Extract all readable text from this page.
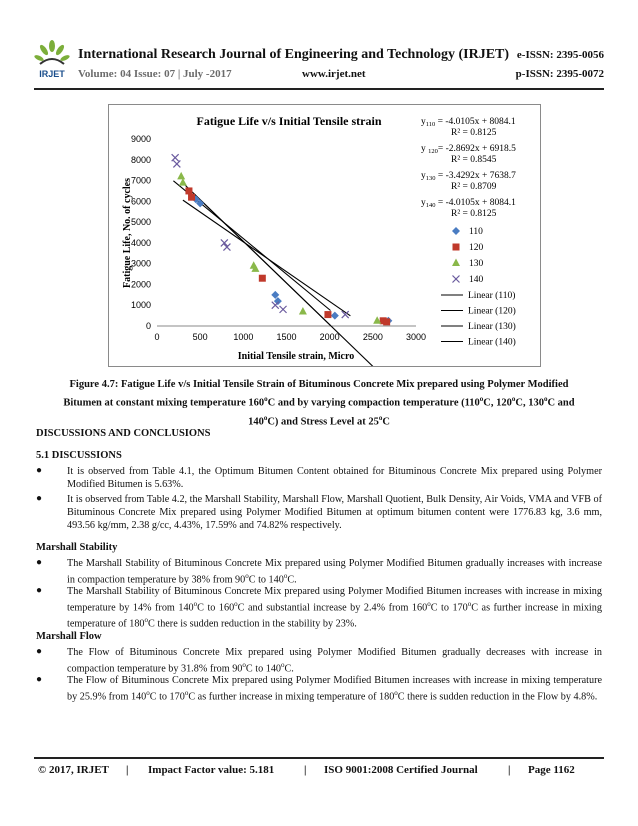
IRJET
International Research Journal of Engineering and Technology (IRJET) e-ISSN: 2395-0056
Volume: 04 Issue: 07 | July -2017	www.irjet.net	p-ISSN: 2395-0072
Fatigue Life v/s Initial Tensile strain
Initial Tensile strain, Micro
Fatigue Life, No. of cycles
0	500	1000	1500	2000	2500	3000
0
1000
2000
3000
4000
5000
6000
7000
8000
9000
$y_{110} = -4.0105x + 8084.1$
R² = 0.8125
y $_{120}$= -2.8692x + 6918.5
R² = 0.8545
$y_{130} = -3.4292x + 7638.7$
R² = 0.8709
$y_{140} = -4.0105x + 8084.1$
R² = 0.8125
110
120
130
140
Linear (110)
Linear (120)
Linear (130)
Linear (140)
Figure 4.7: Fatigue Life v/s Initial Tensile Strain of Bituminous Concrete Mix prepared using Polymer Modified
Bitumen at constant mixing temperature 160$^o$C and by varying compaction temperature (110$^o$C, 120$^o$C, 130$^o$C and
140$^o$C) and Stress Level at 25$^o$C
DISCUSSIONS AND CONCLUSIONS
5.1 DISCUSSIONS
● It is observed from Table 4.1, the Optimum Bitumen Content obtained for Bituminous Concrete Mix prepared using Polymer Modified Bitumen is 5.63%.
● It is observed from Table 4.2, the Marshall Stability, Marshall Flow, Marshall Quotient, Bulk Density, Air Voids, VMA and VFB of Bituminous Concrete Mix prepared using Polymer Modified Bitumen at optimum bitumen content were 1776.83 kg, 3.6 mm, 493.56 kg/mm, 2.38 g/cc, 4.43%, 17.59% and 74.82% respectively.
Marshall Stability
● The Marshall Stability of Bituminous Concrete Mix prepared using Polymer Modified Bitumen gradually increases with increase in compaction temperature by 38% from 90$^o$C to 140$^o$C.
● The Marshall Stability of Bituminous Concrete Mix prepared using Polymer Modified Bitumen increases with increase in mixing temperature by 14% from 140$^o$C to 160$^o$C and substantial increase by 2.4% from 160$^o$C to 170$^o$C as further increase in mixing temperature of 180$^o$C there is sudden reduction in the stability by 23%.
Marshall Flow
● The Flow of Bituminous Concrete Mix prepared using Polymer Modified Bitumen gradually decreases with increase in compaction temperature by 31.8% from 90$^o$C to 140$^o$C.
● The Flow of Bituminous Concrete Mix prepared using Polymer Modified Bitumen increases with increase in mixing temperature by 25.9% from 140$^o$C to 170$^o$C as further increase in mixing temperature of 180$^o$C there is sudden reduction in the Flow by 4.8%.
© 2017, IRJET | Impact Factor value: 5.181	| ISO 9001:2008 Certified Journal	| Page 1162
